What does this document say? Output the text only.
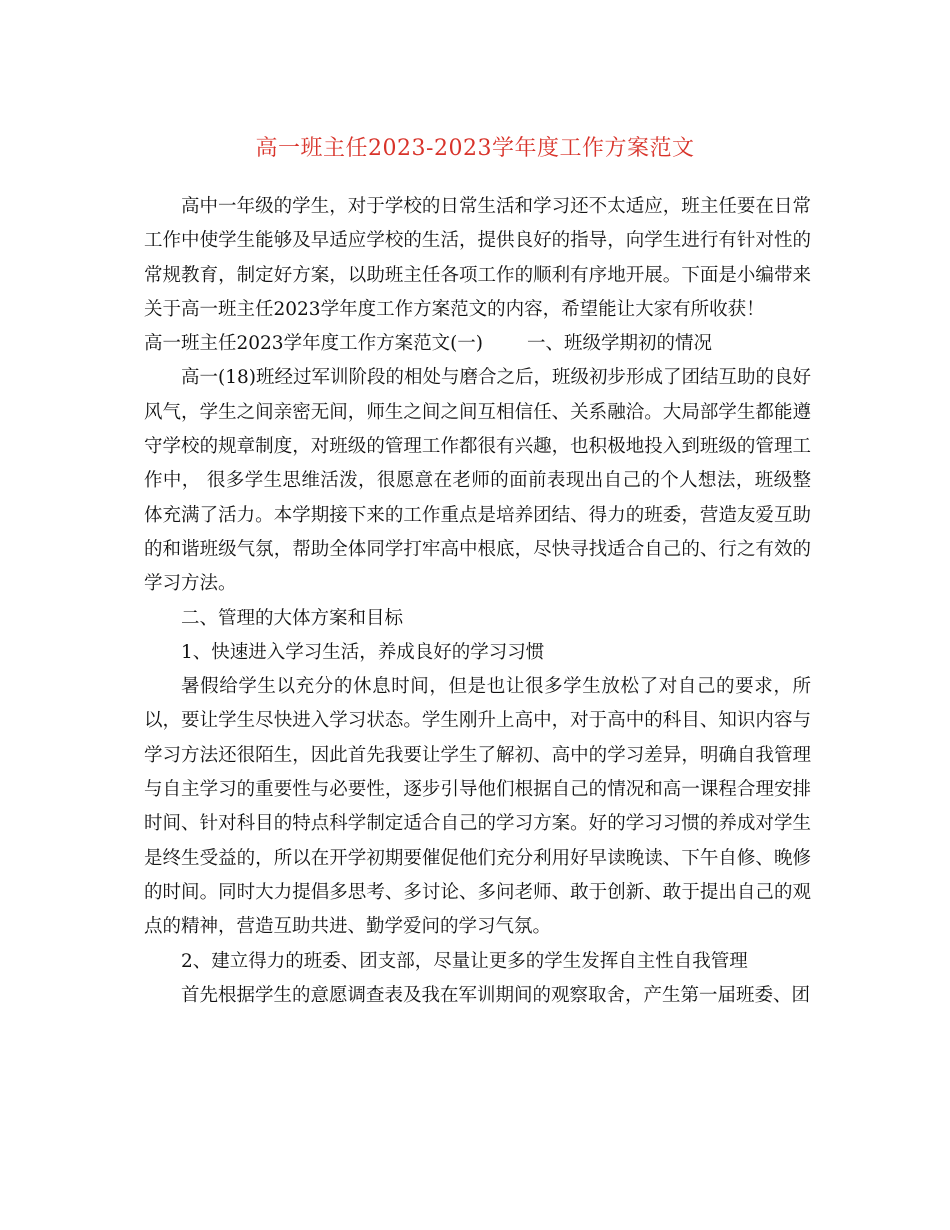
高一班主任2023-2023学年度工作方案范文

高中一年级的学生，对于学校的日常生活和学习还不太适应，班主任要在日常工作中使学生能够及早适应学校的生活，提供良好的指导，向学生进行有针对性的常规教育，制定好方案，以助班主任各项工作的顺利有序地开展。下面是小编带来关于高一班主任2023学年度工作方案范文的内容，希望能让大家有所收获！

高一班主任2023学年度工作方案范文(一) 一、班级学期初的情况

高一(18)班经过军训阶段的相处与磨合之后，班级初步形成了团结互助的良好风气，学生之间亲密无间，师生之间之间互相信任、关系融洽。大局部学生都能遵守学校的规章制度，对班级的管理工作都很有兴趣，也积极地投入到班级的管理工作中， 很多学生思维活泼，很愿意在老师的面前表现出自己的个人想法，班级整体充满了活力。本学期接下来的工作重点是培养团结、得力的班委，营造友爱互助的和谐班级气氛，帮助全体同学打牢高中根底，尽快寻找适合自己的、行之有效的学习方法。

二、管理的大体方案和目标

1、快速进入学习生活，养成良好的学习习惯

暑假给学生以充分的休息时间，但是也让很多学生放松了对自己的要求，所以，要让学生尽快进入学习状态。学生刚升上高中，对于高中的科目、知识内容与学习方法还很陌生，因此首先我要让学生了解初、高中的学习差异，明确自我管理与自主学习的重要性与必要性，逐步引导他们根据自己的情况和高一课程合理安排时间、针对科目的特点科学制定适合自己的学习方案。好的学习习惯的养成对学生是终生受益的，所以在开学初期要催促他们充分利用好早读晚读、下午自修、晚修的时间。同时大力提倡多思考、多讨论、多问老师、敢于创新、敢于提出自己的观点的精神，营造互助共进、勤学爱问的学习气氛。

2、建立得力的班委、团支部，尽量让更多的学生发挥自主性自我管理

首先根据学生的意愿调查表及我在军训期间的观察取舍，产生第一届班委、团
